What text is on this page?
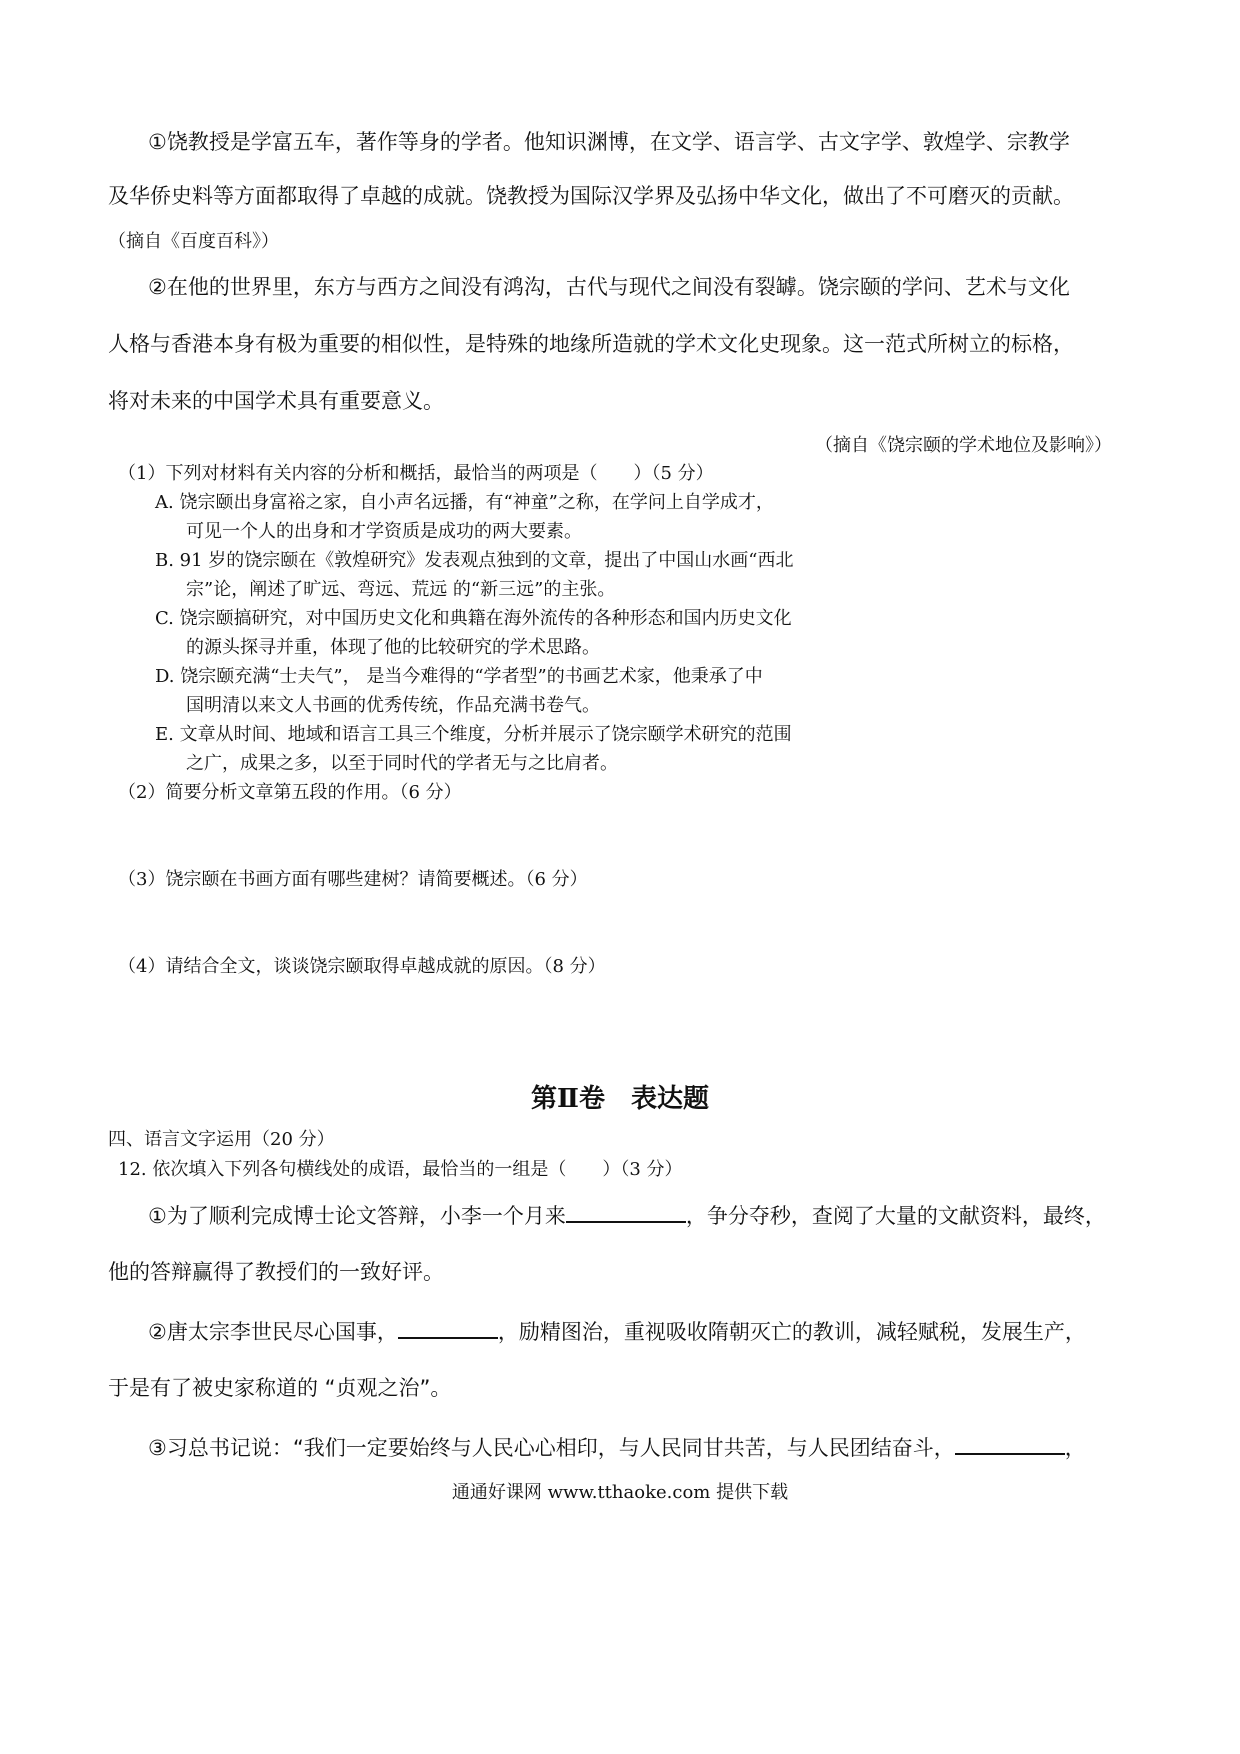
①饶教授是学富五车，著作等身的学者。他知识渊博，在文学、语言学、古文字学、敦煌学、宗教学
及华侨史料等方面都取得了卓越的成就。饶教授为国际汉学界及弘扬中华文化，做出了不可磨灭的贡献。
（摘自《百度百科》）
②在他的世界里，东方与西方之间没有鸿沟，古代与现代之间没有裂罅。饶宗颐的学问、艺术与文化
人格与香港本身有极为重要的相似性，是特殊的地缘所造就的学术文化史现象。这一范式所树立的标格，
将对未来的中国学术具有重要意义。
（摘自《饶宗颐的学术地位及影响》）
（1）下列对材料有关内容的分析和概括，最恰当的两项是（　　）（5 分）
A. 饶宗颐出身富裕之家，自小声名远播，有“神童”之称，在学问上自学成才，
可见一个人的出身和才学资质是成功的两大要素。
B. 91 岁的饶宗颐在《敦煌研究》发表观点独到的文章，提出了中国山水画“西北
宗”论，阐述了旷远、弯远、荒远 的“新三远”的主张。
C. 饶宗颐搞研究，对中国历史文化和典籍在海外流传的各种形态和国内历史文化
的源头探寻并重，体现了他的比较研究的学术思路。
D. 饶宗颐充满“士夫气”， 是当今难得的“学者型”的书画艺术家，他秉承了中
国明清以来文人书画的优秀传统，作品充满书卷气。
E. 文章从时间、地域和语言工具三个维度，分析并展示了饶宗颐学术研究的范围
之广，成果之多，以至于同时代的学者无与之比肩者。
（2）简要分析文章第五段的作用。（6 分）
（3）饶宗颐在书画方面有哪些建树？请简要概述。（6 分）
（4）请结合全文，谈谈饶宗颐取得卓越成就的原因。（8 分）
第Ⅱ卷　表达题
四、语言文字运用（20 分）
12. 依次填入下列各句横线处的成语，最恰当的一组是（　　）（3 分）
①为了顺利完成博士论文答辩，小李一个月来	，争分夺秒，查阅了大量的文献资料，最终，
他的答辩赢得了教授们的一致好评。
②唐太宗李世民尽心国事，	，励精图治，重视吸收隋朝灭亡的教训，减轻赋税，发展生产，
于是有了被史家称道的 “贞观之治”。
③习总书记说：“我们一定要始终与人民心心相印，与人民同甘共苦，与人民团结奋斗，	，
通通好课网 www.tthaoke.com 提供下载
